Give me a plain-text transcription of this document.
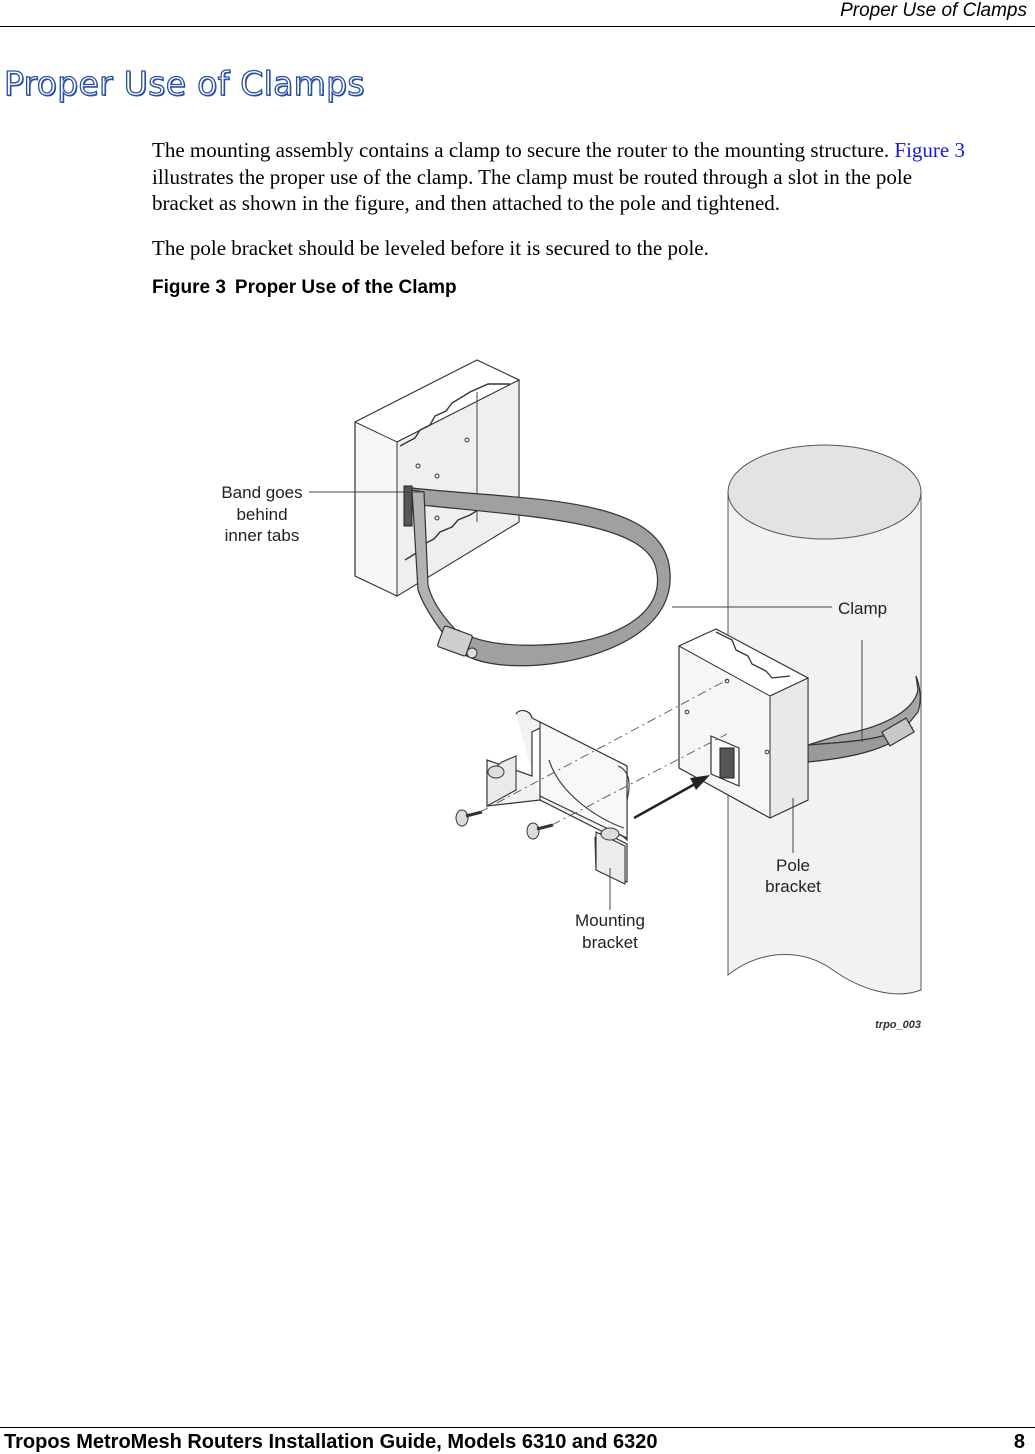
Proper Use of Clamps
Proper Use of Clamps

The mounting assembly contains a clamp to secure the router to the mounting structure. Figure 3
illustrates the proper use of the clamp. The clamp must be routed through a slot in the pole
bracket as shown in the figure, and then attached to the pole and tightened.

The pole bracket should be leveled before it is secured to the pole.

Figure 3 Proper Use of the Clamp
Band goes
behind
inner tabs
Clamp
Pole
bracket
Mounting
bracket
trpo_003
Tropos MetroMesh Routers Installation Guide, Models 6310 and 6320	8
